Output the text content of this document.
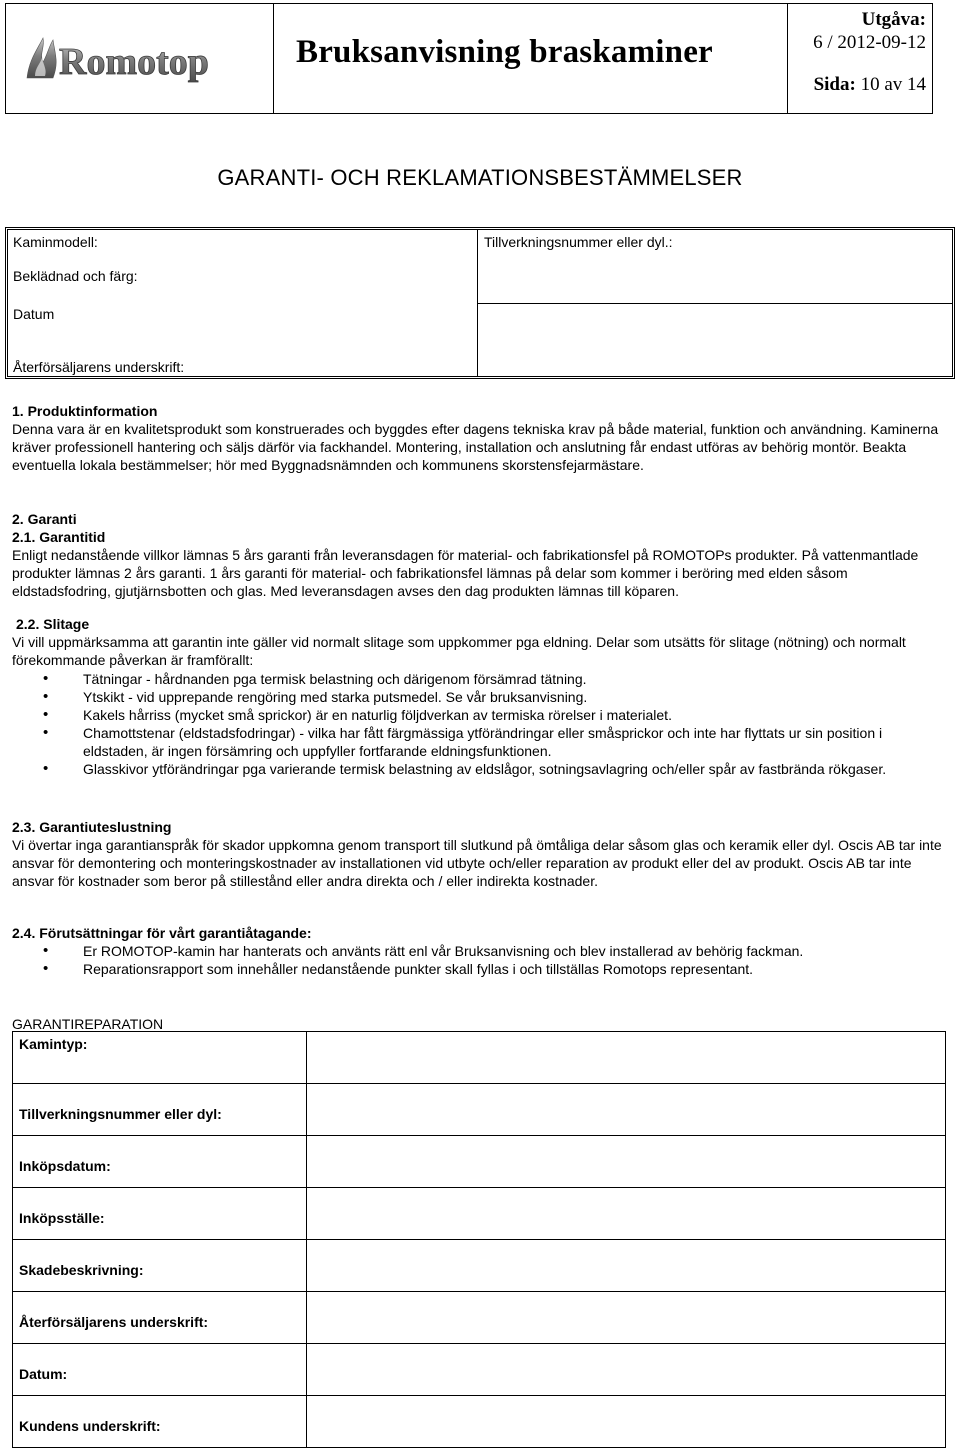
Romotop	Bruksanvisning braskaminer
Utgåva:
6 / 2012-09-12
Sida: 10 av 14
GARANTI- OCH REKLAMATIONSBESTÄMMELSER
Kaminmodell:	Tillverkningsnummer eller dyl.:
Beklädnad och färg:
Datum
Återförsäljarens underskrift:

1. Produktinformation

Denna vara är en kvalitetsprodukt som konstruerades och byggdes efter dagens tekniska krav på både material, funktion och användning. Kaminerna kräver professionell hantering och säljs därför via fackhandel. Montering, installation och anslutning får endast utföras av behörig montör. Beakta eventuella lokala bestämmelser; hör med Byggnadsnämnden och kommunens skorstensfejarmästare.

2. Garanti

2.1. Garantitid

Enligt nedanstående villkor lämnas 5 års garanti från leveransdagen för material- och fabrikationsfel på ROMOTOPs produkter. På vattenmantlade produkter lämnas 2 års garanti. 1 års garanti för material- och fabrikationsfel lämnas på delar som kommer i beröring med elden såsom eldstadsfodring, gjutjärnsbotten och glas. Med leveransdagen avses den dag produkten lämnas till köparen.

2.2. Slitage

Vi vill uppmärksamma att garantin inte gäller vid normalt slitage som uppkommer pga eldning. Delar som utsätts för slitage (nötning) och normalt förekommande påverkan är framförallt:

• Tätningar - hårdnanden pga termisk belastning och därigenom försämrad tätning.
• Ytskikt - vid upprepande rengöring med starka putsmedel. Se vår bruksanvisning.
• Kakels hårriss (mycket små sprickor) är en naturlig följdverkan av termiska rörelser i materialet.
• Chamottstenar (eldstadsfodringar) - vilka har fått färgmässiga ytförändringar eller småsprickor och inte har flyttats ur sin position i eldstaden, är ingen försämring och uppfyller fortfarande eldningsfunktionen.
• Glasskivor ytförändringar pga varierande termisk belastning av eldslågor, sotningsavlagring och/eller spår av fastbrända rökgaser.

2.3. Garantiuteslustning

Vi övertar inga garantianspråk för skador uppkomna genom transport till slutkund på ömtåliga delar såsom glas och keramik eller dyl. Oscis AB tar inte ansvar för demontering och monteringskostnader av installationen vid utbyte och/eller reparation av produkt eller del av produkt. Oscis AB tar inte ansvar för kostnader som beror på stillestånd eller andra direkta och / eller indirekta kostnader.

2.4. Förutsättningar för vårt garantiåtagande:

• Er ROMOTOP-kamin har hanterats och använts rätt enl vår Bruksanvisning och blev installerad av behörig fackman.
• Reparationsrapport som innehåller nedanstående punkter skall fyllas i och tillställas Romotops representant.
GARANTIREPARATION
Kamintyp:	
Tillverkningsnummer eller dyl:	
Inköpsdatum:	
Inköpsställe:	
Skadebeskrivning:	
Återförsäljarens underskrift:	
Datum:	
Kundens underskrift:	
